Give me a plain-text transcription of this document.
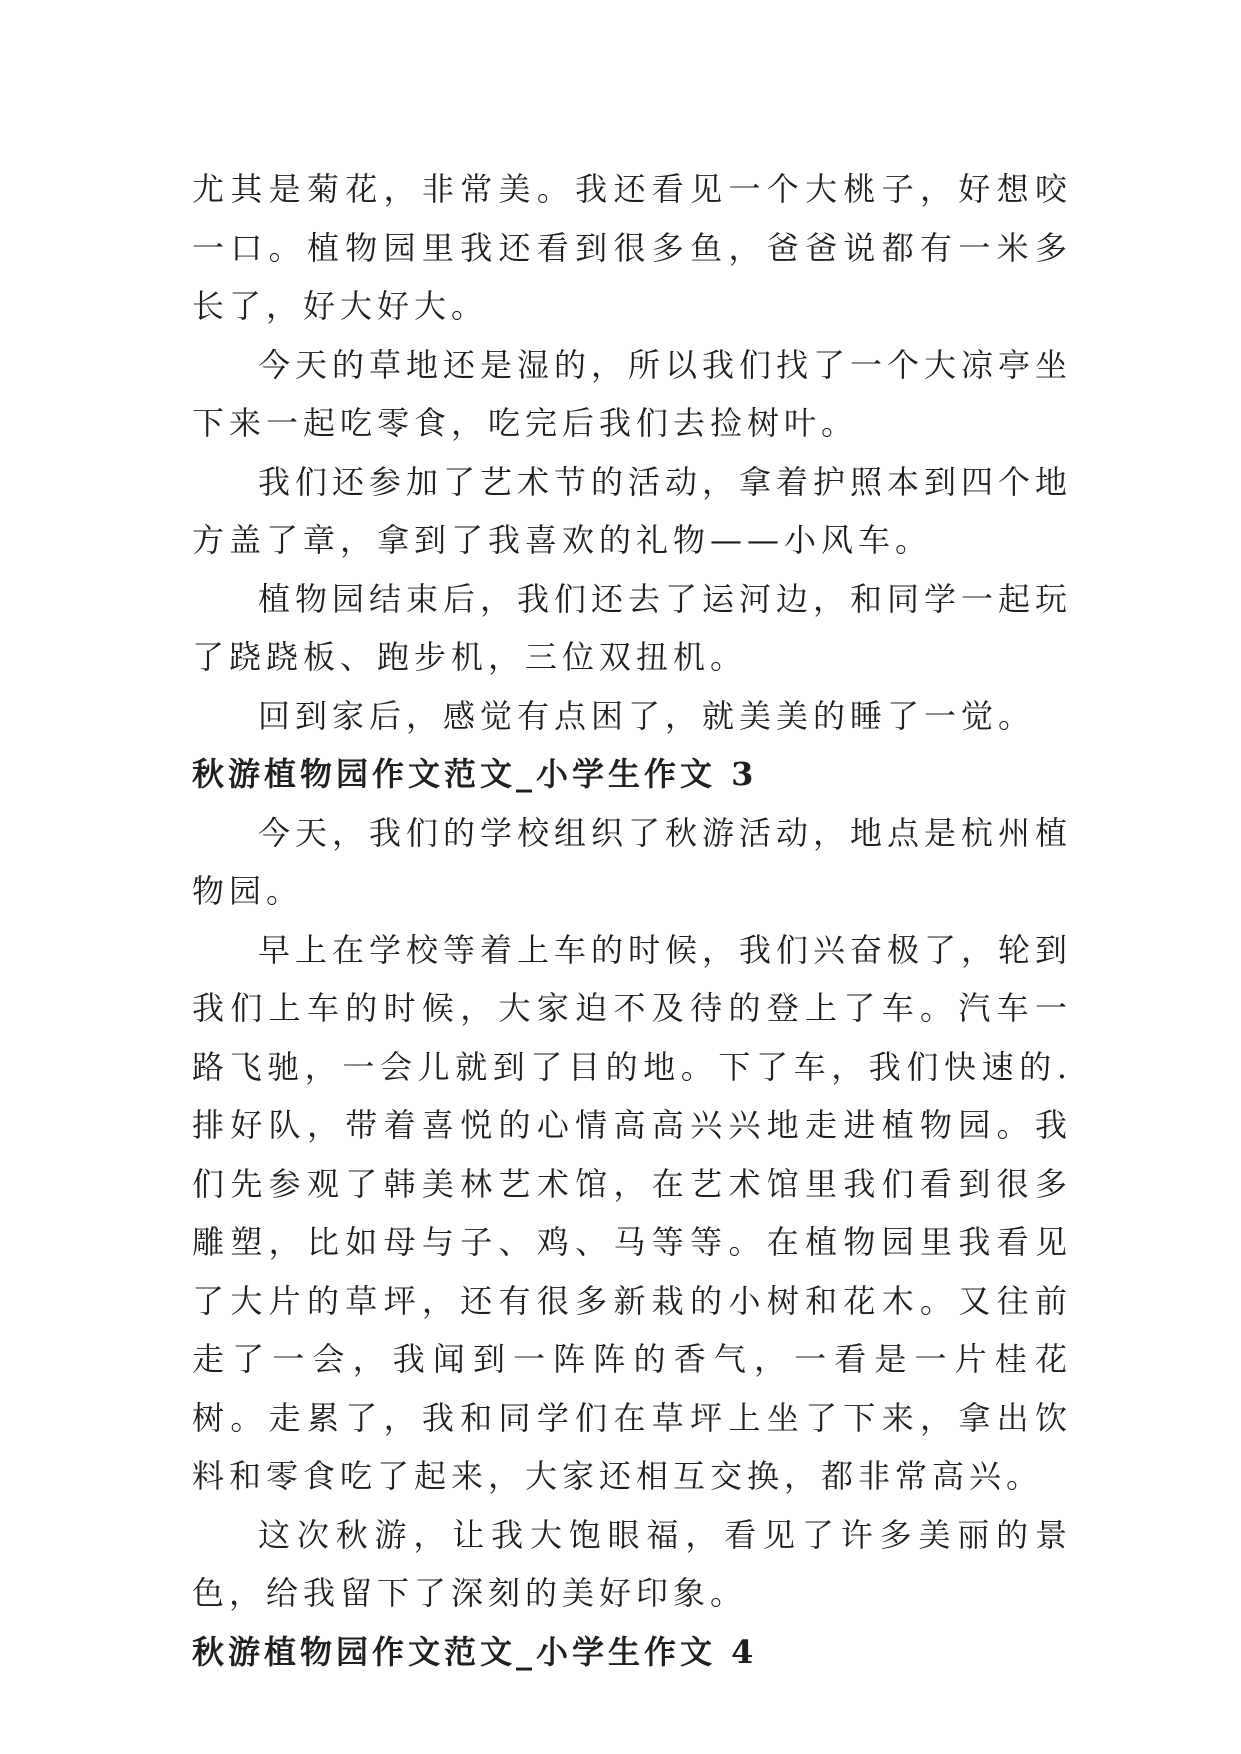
尤其是菊花，非常美。我还看见一个大桃子，好想咬一口。植物园里我还看到很多鱼，爸爸说都有一米多长了，好大好大。

今天的草地还是湿的，所以我们找了一个大凉亭坐下来一起吃零食，吃完后我们去捡树叶。

我们还参加了艺术节的活动，拿着护照本到四个地方盖了章，拿到了我喜欢的礼物——小风车。

植物园结束后，我们还去了运河边，和同学一起玩了跷跷板、跑步机，三位双扭机。

回到家后，感觉有点困了，就美美的睡了一觉。

秋游植物园作文范文_小学生作文 3

今天，我们的学校组织了秋游活动，地点是杭州植物园。

早上在学校等着上车的时候，我们兴奋极了，轮到我们上车的时候，大家迫不及待的登上了车。汽车一路飞驰，一会儿就到了目的地。下了车，我们快速的. 排好队，带着喜悦的心情高高兴兴地走进植物园。我们先参观了韩美林艺术馆，在艺术馆里我们看到很多雕塑，比如母与子、鸡、马等等。在植物园里我看见了大片的草坪，还有很多新栽的小树和花木。又往前走了一会，我闻到一阵阵的香气，一看是一片桂花树。走累了，我和同学们在草坪上坐了下来，拿出饮料和零食吃了起来，大家还相互交换，都非常高兴。

这次秋游，让我大饱眼福，看见了许多美丽的景色，给我留下了深刻的美好印象。

秋游植物园作文范文_小学生作文 4
